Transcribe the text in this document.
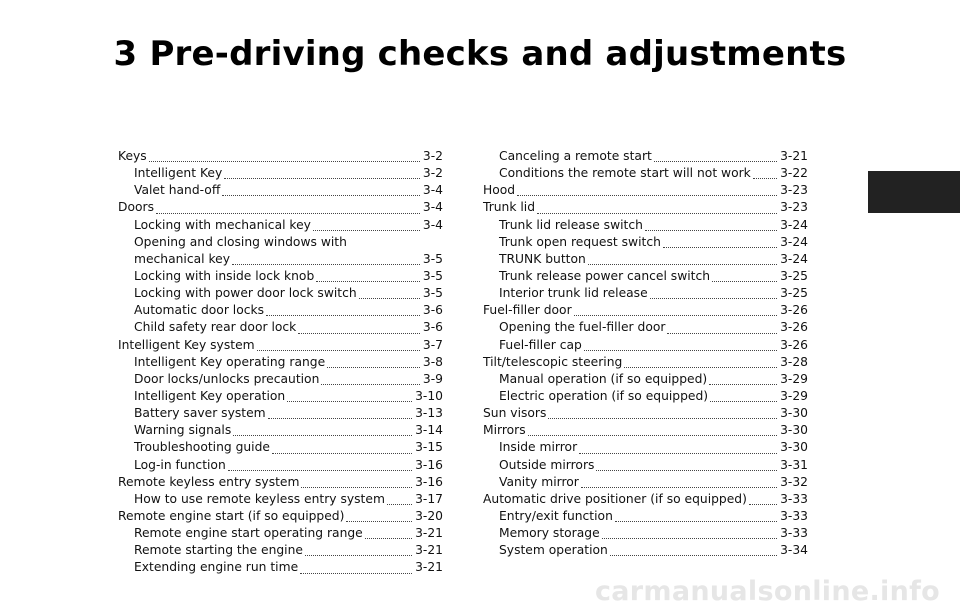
3 Pre-driving checks and adjustments
Keys	3-2
Intelligent Key	3-2
Valet hand-off	3-4
Doors	3-4
Locking with mechanical key	3-4
Opening and closing windows with
mechanical key	3-5
Locking with inside lock knob	3-5
Locking with power door lock switch	3-5
Automatic door locks	3-6
Child safety rear door lock	3-6
Intelligent Key system	3-7
Intelligent Key operating range	3-8
Door locks/unlocks precaution	3-9
Intelligent Key operation	3-10
Battery saver system	3-13
Warning signals	3-14
Troubleshooting guide	3-15
Log-in function	3-16
Remote keyless entry system	3-16
How to use remote keyless entry system 3-17
Remote engine start (if so equipped)	3-20
Remote engine start operating range	3-21
Remote starting the engine	3-21
Extending engine run time	3-21
Canceling a remote start	3-21
Conditions the remote start will not work 3-22
Hood	3-23
Trunk lid	3-23
Trunk lid release switch	3-24
Trunk open request switch	3-24
TRUNK button	3-24
Trunk release power cancel switch	3-25
Interior trunk lid release	3-25
Fuel-filler door	3-26
Opening the fuel-filler door	3-26
Fuel-filler cap	3-26
Tilt/telescopic steering	3-28
Manual operation (if so equipped)	3-29
Electric operation (if so equipped)	3-29
Sun visors	3-30
Mirrors	3-30
Inside mirror	3-30
Outside mirrors	3-31
Vanity mirror	3-32
Automatic drive positioner (if so equipped)	3-33
Entry/exit function	3-33
Memory storage	3-33
System operation	3-34
carmanualsonline.info
